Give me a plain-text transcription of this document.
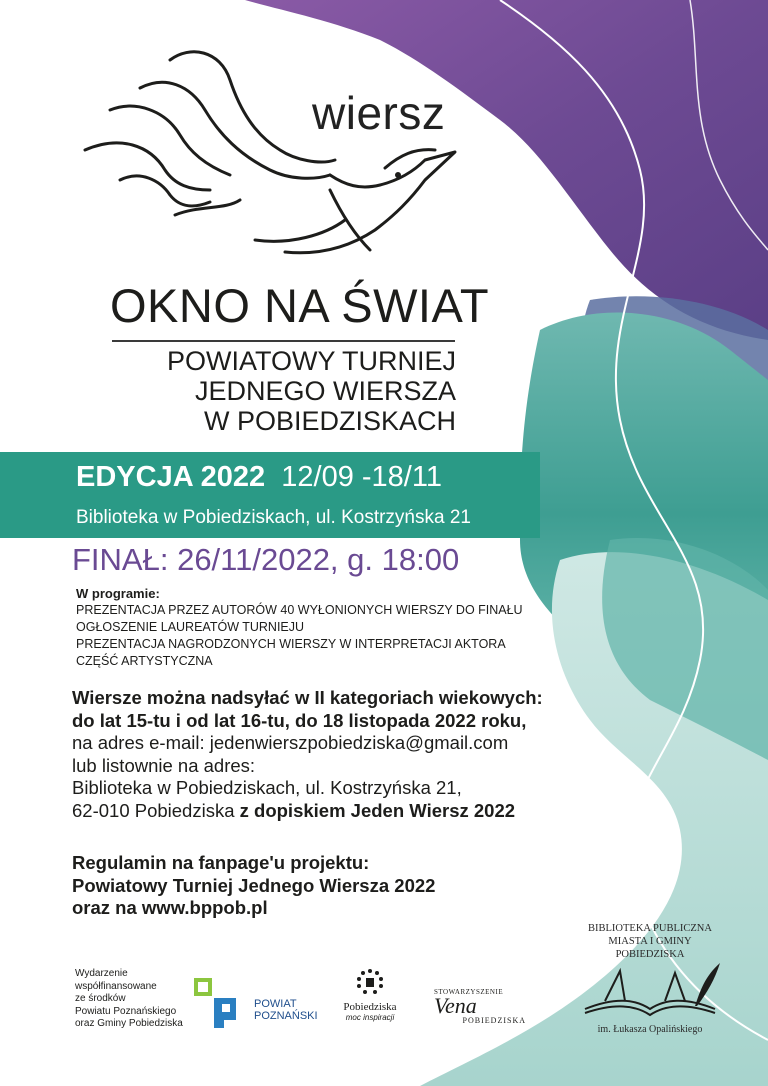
wiersz
OKNO NA ŚWIAT
POWIATOWY TURNIEJ
JEDNEGO WIERSZA
W POBIEDZISKACH
EDYCJA 2022 12/09 -18/11
Biblioteka w Pobiedziskach, ul. Kostrzyńska 21
FINAŁ: 26/11/2022, g. 18:00
W programie:
PREZENTACJA PRZEZ AUTORÓW 40 WYŁONIONYCH WIERSZY DO FINAŁU
OGŁOSZENIE LAUREATÓW TURNIEJU
PREZENTACJA NAGRODZONYCH WIERSZY W INTERPRETACJI AKTORA
CZĘŚĆ ARTYSTYCZNA
Wiersze można nadsyłać w II kategoriach wiekowych:
do lat 15-tu i od lat 16-tu, do 18 listopada 2022 roku,
na adres e-mail: jedenwierszpobiedziska@gmail.com
lub listownie na adres:
Biblioteka w Pobiedziskach, ul. Kostrzyńska 21,
62-010 Pobiedziska z dopiskiem Jeden Wiersz 2022
Regulamin na fanpage'u projektu:
Powiatowy Turniej Jednego Wiersza 2022
oraz na www.bppob.pl
Wydarzenie
współfinansowane
ze środków
Powiatu Poznańskiego
oraz Gminy Pobiedziska
POWIAT
POZNAŃSKI
Pobiedziska
moc inspiracji
STOWARZYSZENIE
Vena
POBIEDZISKA
BIBLIOTEKA PUBLICZNA
MIASTA I GMINY
POBIEDZISKA
im. Łukasza Opalińskiego
